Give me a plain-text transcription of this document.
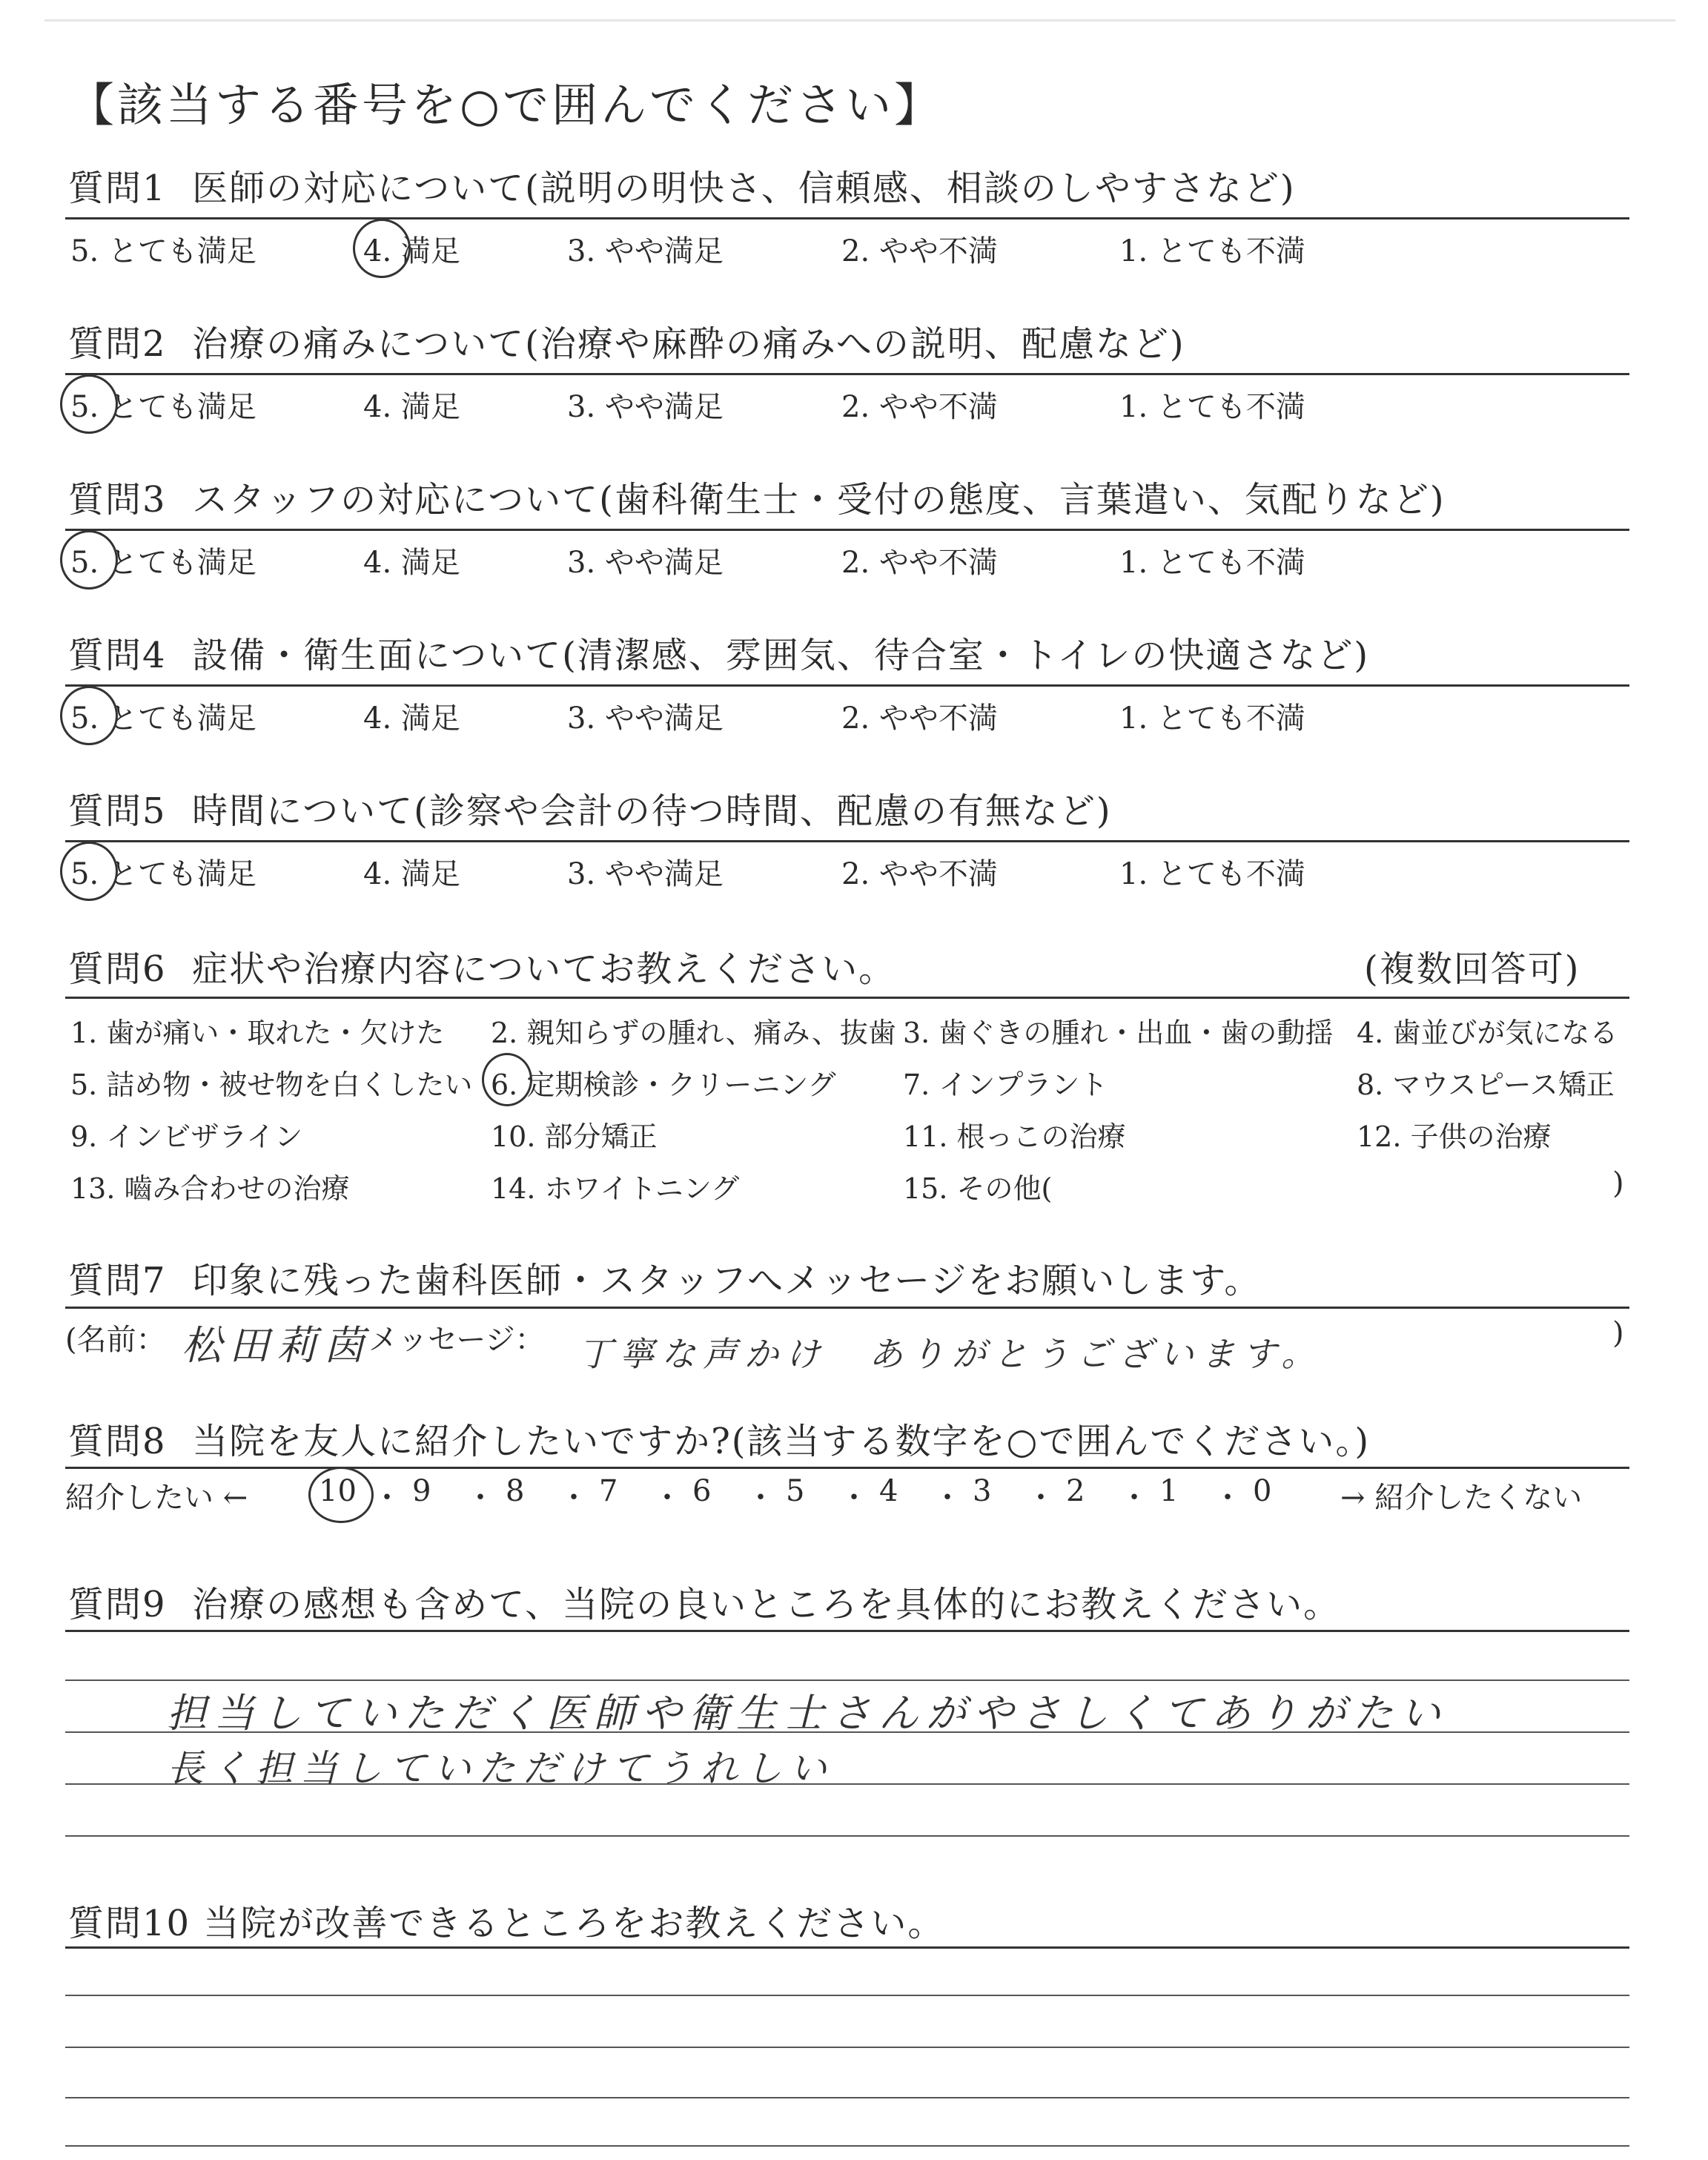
【該当する番号を○で囲んでください】
質問1 医師の対応について(説明の明快さ、信頼感、相談のしやすさなど)
5. とても満足	4. 満足	3. やや満足	2. やや不満	1. とても不満
質問2 治療の痛みについて(治療や麻酔の痛みへの説明、配慮など)
5. とても満足	4. 満足	3. やや満足	2. やや不満	1. とても不満
質問3 スタッフの対応について(歯科衛生士・受付の態度、言葉遣い、気配りなど)
5. とても満足	4. 満足	3. やや満足	2. やや不満	1. とても不満
質問4 設備・衛生面について(清潔感、雰囲気、待合室・トイレの快適さなど)
5. とても満足	4. 満足	3. やや満足	2. やや不満	1. とても不満
質問5 時間について(診察や会計の待つ時間、配慮の有無など)
5. とても満足	4. 満足	3. やや満足	2. やや不満	1. とても不満
質問6 症状や治療内容についてお教えください。	(複数回答可)
1. 歯が痛い・取れた・欠けた 2. 親知らずの腫れ、痛み、抜歯 3. 歯ぐきの腫れ・出血・歯の動揺 4. 歯並びが気になる
5. 詰め物・被せ物を白くしたい 6. 定期検診・クリーニング 7. インプラント	8. マウスピース矯正
9. インビザライン	10. 部分矯正	11. 根っこの治療	12. 子供の治療
13. 嚙み合わせの治療	14. ホワイトニング	15. その他(	)
質問7 印象に残った歯科医師・スタッフへメッセージをお願いします。
(名前： 松田莉茵
メッセージ： 丁寧な声かけ　ありがとうございます。
)
質問8 当院を友人に紹介したいですか?(該当する数字を○で囲んでください。)
紹介したい ← 10 ・ 9 ・ 8 ・ 7 ・ 6 ・ 5 ・ 4 ・ 3 ・ 2 ・ 1 ・ 0 → 紹介したくない
質問9 治療の感想も含めて、当院の良いところを具体的にお教えください。
担当していただく医師や衛生士さんがやさしくてありがたい
長く担当していただけてうれしい
質問10 当院が改善できるところをお教えください。
